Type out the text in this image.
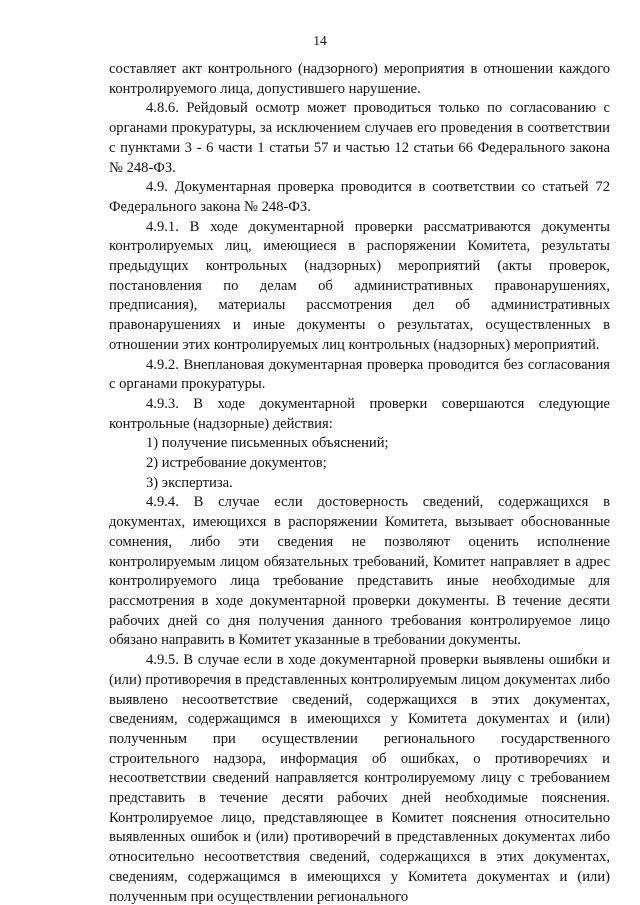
14

составляет акт контрольного (надзорного) мероприятия в отношении каждого контролируемого лица, допустившего нарушение.

4.8.6. Рейдовый осмотр может проводиться только по согласованию с органами прокуратуры, за исключением случаев его проведения в соответствии с пунктами 3 - 6 части 1 статьи 57 и частью 12 статьи 66 Федерального закона № 248-ФЗ.

4.9. Документарная проверка проводится в соответствии со статьей 72 Федерального закона № 248-ФЗ.

4.9.1. В ходе документарной проверки рассматриваются документы контролируемых лиц, имеющиеся в распоряжении Комитета, результаты предыдущих контрольных (надзорных) мероприятий (акты проверок, постановления по делам об административных правонарушениях, предписания), материалы рассмотрения дел об административных правонарушениях и иные документы о результатах, осуществленных в отношении этих контролируемых лиц контрольных (надзорных) мероприятий.

4.9.2. Внеплановая документарная проверка проводится без согласования с органами прокуратуры.

4.9.3. В ходе документарной проверки совершаются следующие контрольные (надзорные) действия:

1) получение письменных объяснений;

2) истребование документов;

3) экспертиза.

4.9.4. В случае если достоверность сведений, содержащихся в документах, имеющихся в распоряжении Комитета, вызывает обоснованные сомнения, либо эти сведения не позволяют оценить исполнение контролируемым лицом обязательных требований, Комитет направляет в адрес контролируемого лица требование представить иные необходимые для рассмотрения в ходе документарной проверки документы. В течение десяти рабочих дней со дня получения данного требования контролируемое лицо обязано направить в Комитет указанные в требовании документы.

4.9.5. В случае если в ходе документарной проверки выявлены ошибки и (или) противоречия в представленных контролируемым лицом документах либо выявлено несоответствие сведений, содержащихся в этих документах, сведениям, содержащимся в имеющихся у Комитета документах и (или) полученным при осуществлении регионального государственного строительного надзора, информация об ошибках, о противоречиях и несоответствии сведений направляется контролируемому лицу с требованием представить в течение десяти рабочих дней необходимые пояснения. Контролируемое лицо, представляющее в Комитет пояснения относительно выявленных ошибок и (или) противоречий в представленных документах либо относительно несоответствия сведений, содержащихся в этих документах, сведениям, содержащимся в имеющихся у Комитета документах и (или) полученным при осуществлении регионального
